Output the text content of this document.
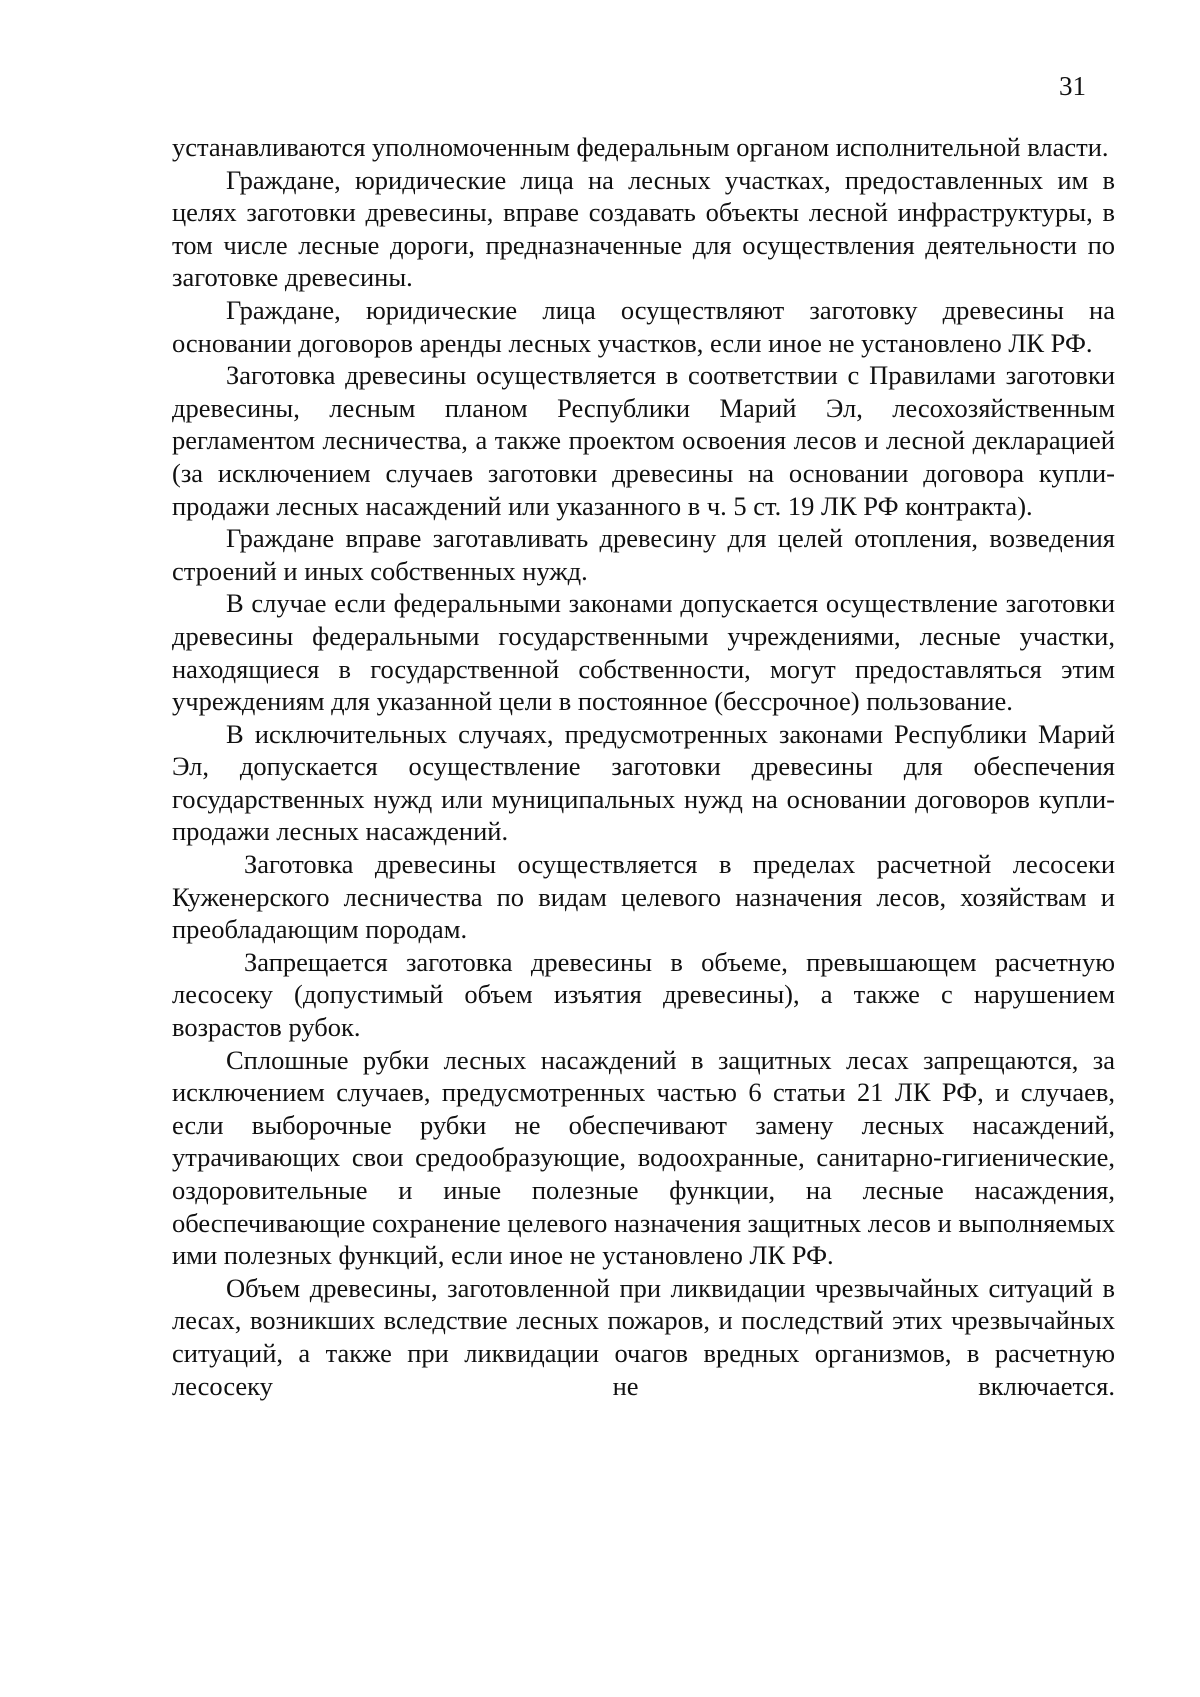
31

устанавливаются уполномоченным федеральным органом исполнительной власти.

Граждане, юридические лица на лесных участках, предоставленных им в целях заготовки древесины, вправе создавать объекты лесной инфраструктуры, в том числе лесные дороги, предназначенные для осуществления деятельности по заготовке древесины.

Граждане, юридические лица осуществляют заготовку древесины на основании договоров аренды лесных участков, если иное не установлено ЛК РФ.

Заготовка древесины осуществляется в соответствии с Правилами заготовки древесины, лесным планом Республики Марий Эл, лесохозяйственным регламентом лесничества, а также проектом освоения лесов и лесной декларацией (за исключением случаев заготовки древесины на основании договора купли-продажи лесных насаждений или указанного в ч. 5 ст. 19 ЛК РФ контракта).

Граждане вправе заготавливать древесину для целей отопления, возведения строений и иных собственных нужд.

В случае если федеральными законами допускается осуществление заготовки древесины федеральными государственными учреждениями, лесные участки, находящиеся в государственной собственности, могут предоставляться этим учреждениям для указанной цели в постоянное (бессрочное) пользование.

В исключительных случаях, предусмотренных законами Республики Марий Эл, допускается осуществление заготовки древесины для обеспечения государственных нужд или муниципальных нужд на основании договоров купли-продажи лесных насаждений.

Заготовка древесины осуществляется в пределах расчетной лесосеки Куженерского лесничества по видам целевого назначения лесов, хозяйствам и преобладающим породам.

Запрещается заготовка древесины в объеме, превышающем расчетную лесосеку (допустимый объем изъятия древесины), а также с нарушением возрастов рубок.

Сплошные рубки лесных насаждений в защитных лесах запрещаются, за исключением случаев, предусмотренных частью 6 статьи 21 ЛК РФ, и случаев, если выборочные рубки не обеспечивают замену лесных насаждений, утрачивающих свои средообразующие, водоохранные, санитарно-гигиенические, оздоровительные и иные полезные функции, на лесные насаждения, обеспечивающие сохранение целевого назначения защитных лесов и выполняемых ими полезных функций, если иное не установлено ЛК РФ.

Объем древесины, заготовленной при ликвидации чрезвычайных ситуаций в лесах, возникших вследствие лесных пожаров, и последствий этих чрезвычайных ситуаций, а также при ликвидации очагов вредных организмов, в расчетную лесосеку не включается.
